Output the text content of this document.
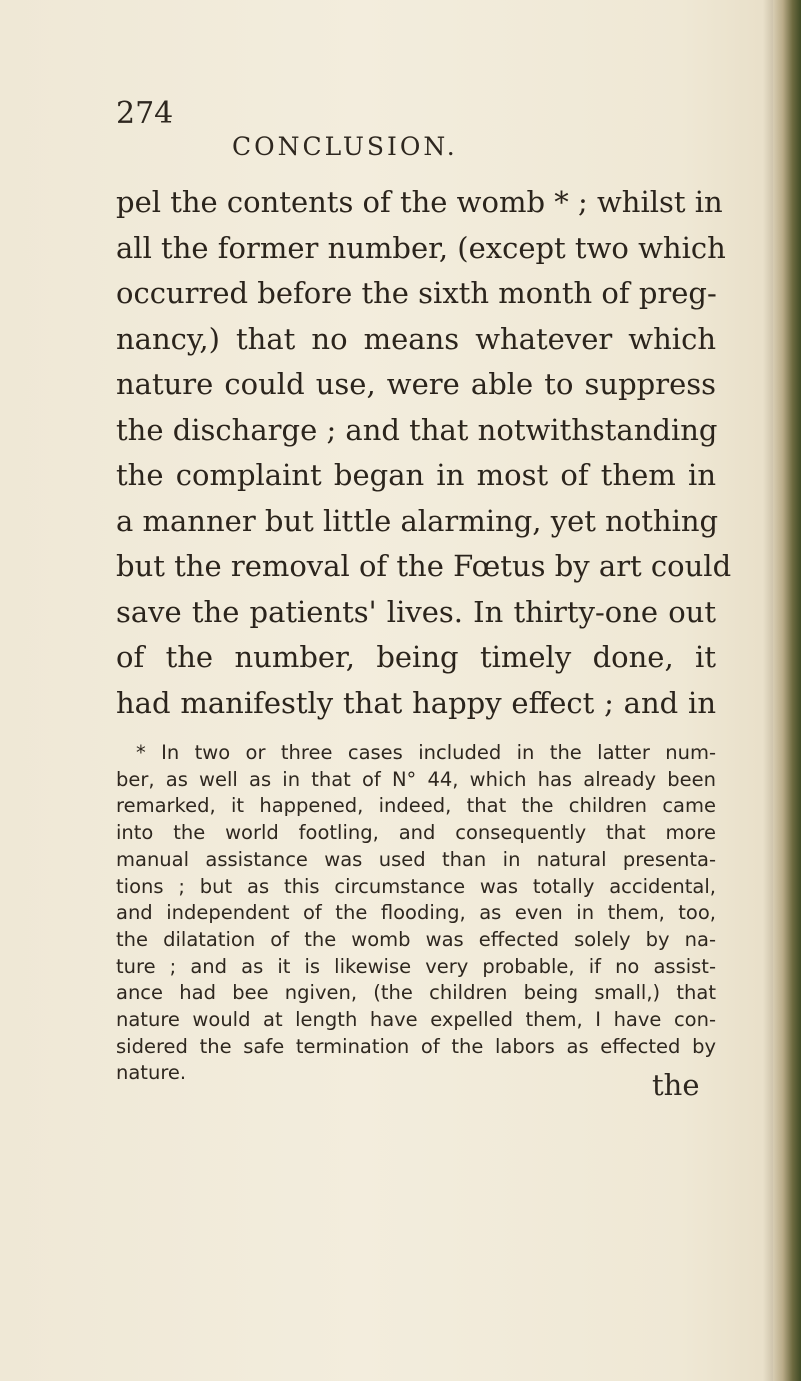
274
CONCLUSION.
pel the contents of the womb * ; whilst in
all the former number, (except two which
occurred before the sixth month of preg-
nancy,) that no means whatever which
nature could use, were able to suppress
the discharge ; and that notwithstanding
the complaint began in most of them in
a manner but little alarming, yet nothing
but the removal of the Fœtus by art could
save the patients' lives. In thirty-one out
of the number, being timely done, it
had manifestly that happy effect ; and in
* In two or three cases included in the latter num-
ber, as well as in that of N° 44, which has already been
remarked, it happened, indeed, that the children came
into the world footling, and consequently that more
manual assistance was used than in natural presenta-
tions ; but as this circumstance was totally accidental,
and independent of the flooding, as even in them, too,
the dilatation of the womb was effected solely by na-
ture ; and as it is likewise very probable, if no assist-
ance had bee ngiven, (the children being small,) that
nature would at length have expelled them, I have con-
sidered the safe termination of the labors as effected by
nature.	the
